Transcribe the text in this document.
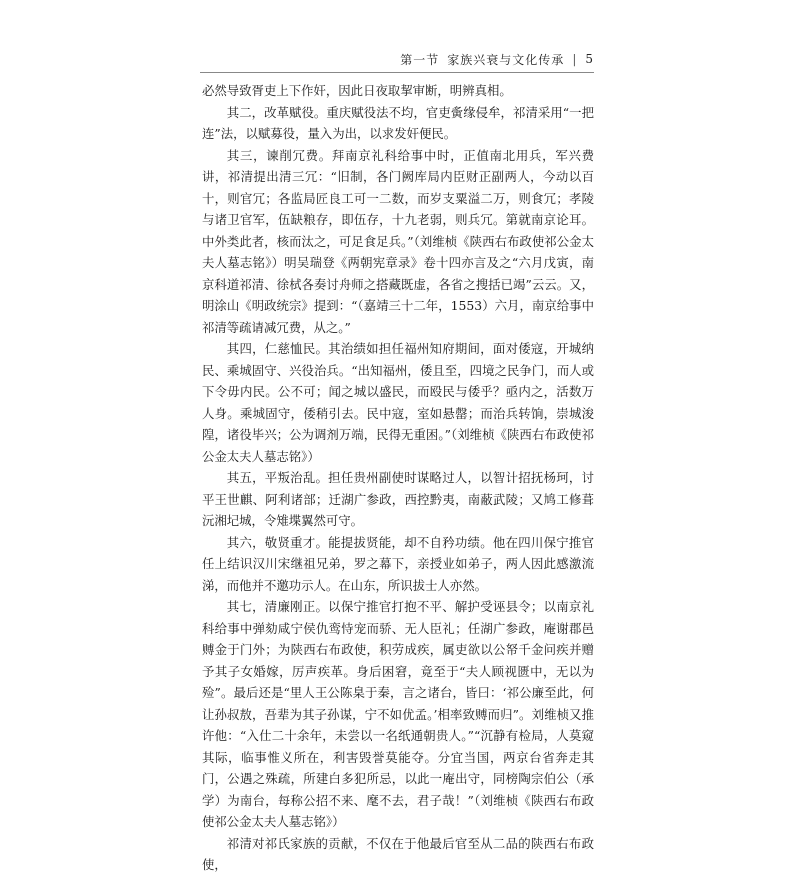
第一节 家族兴衰与文化传承 | 5

必然导致胥吏上下作奸，因此日夜取挈审断，明辨真相。

其二，改革赋役。重庆赋役法不均，官吏夤缘侵牟，祁清采用“一把连”法，以赋募役，量入为出，以求发奸便民。

其三，谏削冗费。拜南京礼科给事中时，正值南北用兵，军兴费讲，祁清提出清三冗：“旧制，各门阙库局内臣财正副两人，今动以百十，则官冗；各监局匠良工可一二数，而岁支粟溢二万，则食冗；孝陵与诸卫官军，伍缺粮存，即伍存，十九老弱，则兵冗。第就南京论耳。中外类此者，核而汰之，可足食足兵。”（刘维桢《陕西右布政使祁公金太夫人墓志铭》）明吴瑞登《两朝宪章录》卷十四亦言及之“六月戊寅，南京科道祁清、徐栻各奏讨舟师之搭藏既虚，各省之搜括已竭”云云。又，明涂山《明政统宗》提到：“（嘉靖三十二年，1553）六月，南京给事中祁清等疏请减冗费，从之。”

其四，仁慈恤民。其治绩如担任福州知府期间，面对倭寇，开城纳民、乘城固守、兴役治兵。“出知福州，倭且至，四境之民争门，而人或下令毋内民。公不可；闻之城以盛民，而殴民与倭乎？亟内之，活数万人身。乘城固守，倭稍引去。民中寇，室如悬罄；而治兵转饷，崇城浚隍，诸役毕兴；公为调剂万端，民得无重困。”（刘维桢《陕西右布政使祁公金太夫人墓志铭》）

其五，平叛治乱。担任贵州副使时谋略过人，以智计招抚杨珂，讨平王世麒、阿利诸部；迁湖广参政，西控黔夷，南蔽武陵；又鸠工修葺沅湘圮城，令雉堞翼然可守。

其六，敬贤重才。能提拔贤能，却不自矜功绩。他在四川保宁推官任上结识汉川宋继祖兄弟，罗之幕下，亲授业如弟子，两人因此感激流涕，而他并不邀功示人。在山东，所识拔士人亦然。

其七，清廉刚正。以保宁推官打抱不平、解护受诬县令；以南京礼科给事中弹劾咸宁侯仇鸾恃宠而骄、无人臣礼；任湖广参政，庵谢郡邑赙金于门外；为陕西右布政使，积劳成疾，属吏欲以公帑千金问疾并赠予其子女婚嫁，厉声疾革。身后困窘，竟至于“夫人顾视匮中，无以为殓”。最后还是“里人王公陈臬于秦，言之诸台，皆曰：‘祁公廉至此，何让孙叔敖，吾辈为其子孙谋，宁不如优孟。’相率致赙而归”。刘维桢又推许他：“入仕二十余年，未尝以一名纸通朝贵人。”“沉静有检局，人莫窥其际，临事惟义所在，利害毁誉莫能夺。分宜当国，两京台省奔走其门，公遇之殊疏，所建白多犯所忌，以此一庵出守，同榜陶宗伯公（承学）为南台，每称公招不来、麾不去，君子哉！”（刘维桢《陕西右布政使祁公金太夫人墓志铭》）

祁清对祁氏家族的贡献，不仅在于他最后官至从二品的陕西右布政使，
